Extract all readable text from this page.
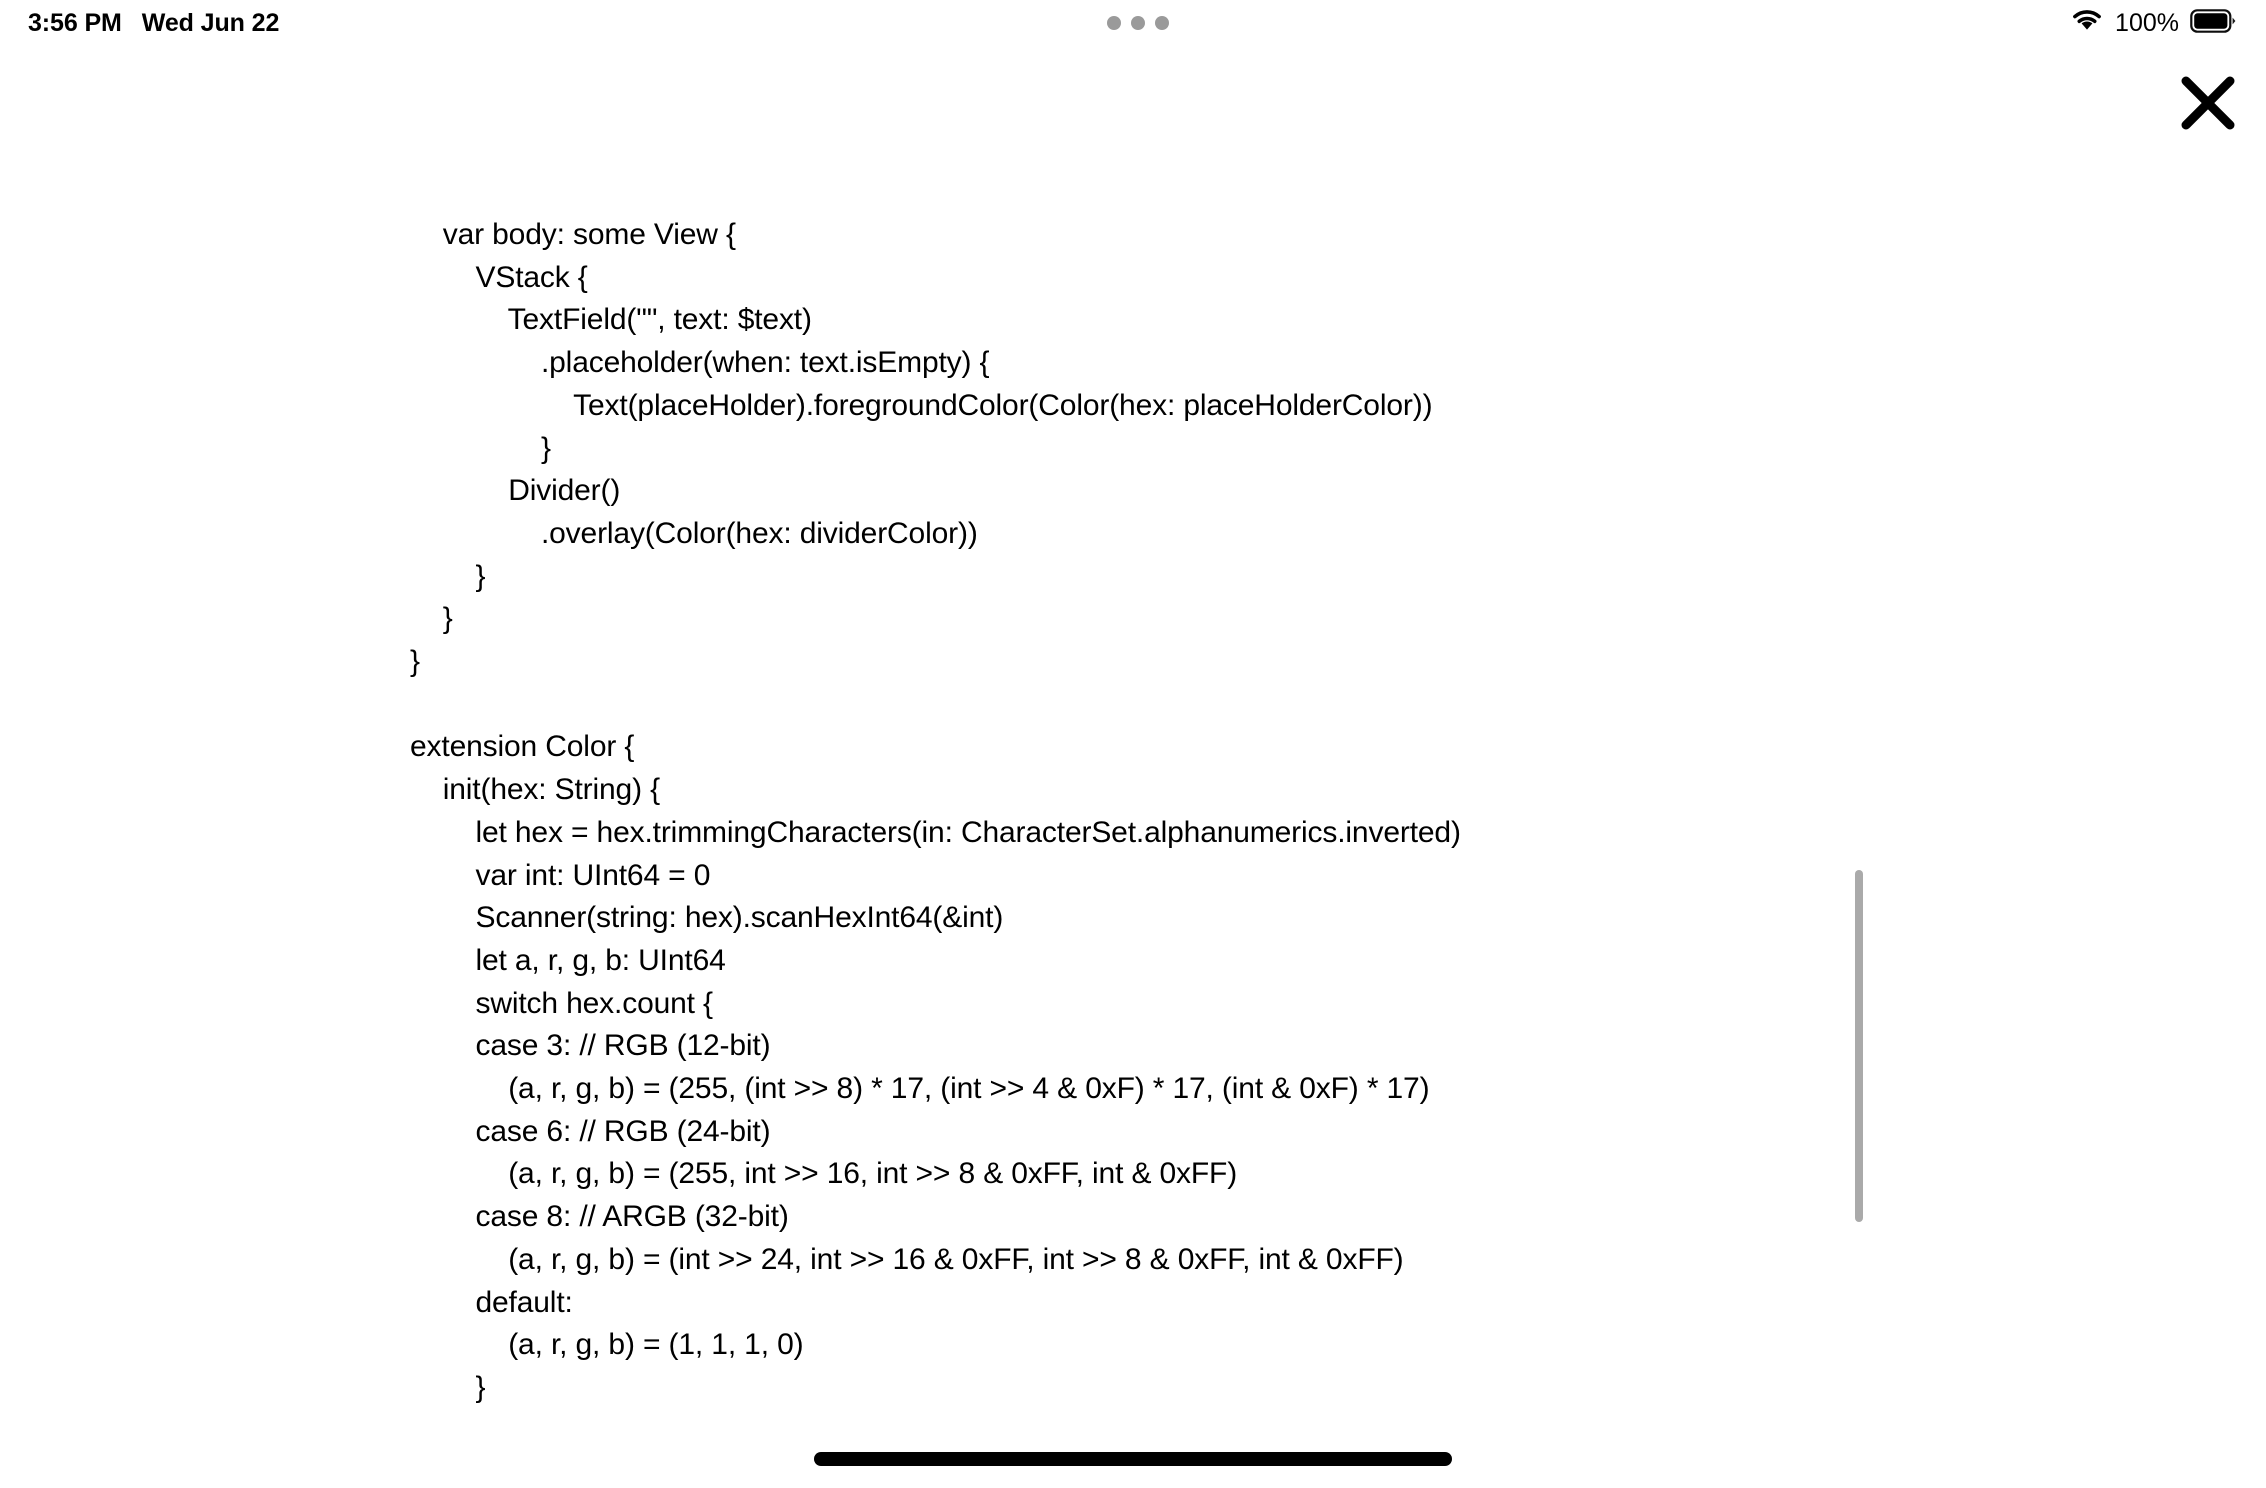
3:56 PM Wed Jun 22	100%
var body: some View {
VStack {
TextField("", text: $text)
.placeholder(when: text.isEmpty) {
Text(placeHolder).foregroundColor(Color(hex: placeHolderColor))
}
Divider()
.overlay(Color(hex: dividerColor))
}
}
}
extension Color {
init(hex: String) {
let hex = hex.trimmingCharacters(in: CharacterSet.alphanumerics.inverted)
var int: UInt64 = 0
Scanner(string: hex).scanHexInt64(&int)
let a, r, g, b: UInt64
switch hex.count {
case 3: // RGB (12-bit)
(a, r, g, b) = (255, (int >> 8) * 17, (int >> 4 & 0xF) * 17, (int & 0xF) * 17)
case 6: // RGB (24-bit)
(a, r, g, b) = (255, int >> 16, int >> 8 & 0xFF, int & 0xFF)
case 8: // ARGB (32-bit)
(a, r, g, b) = (int >> 24, int >> 16 & 0xFF, int >> 8 & 0xFF, int & 0xFF)
default:
(a, r, g, b) = (1, 1, 1, 0)
}
